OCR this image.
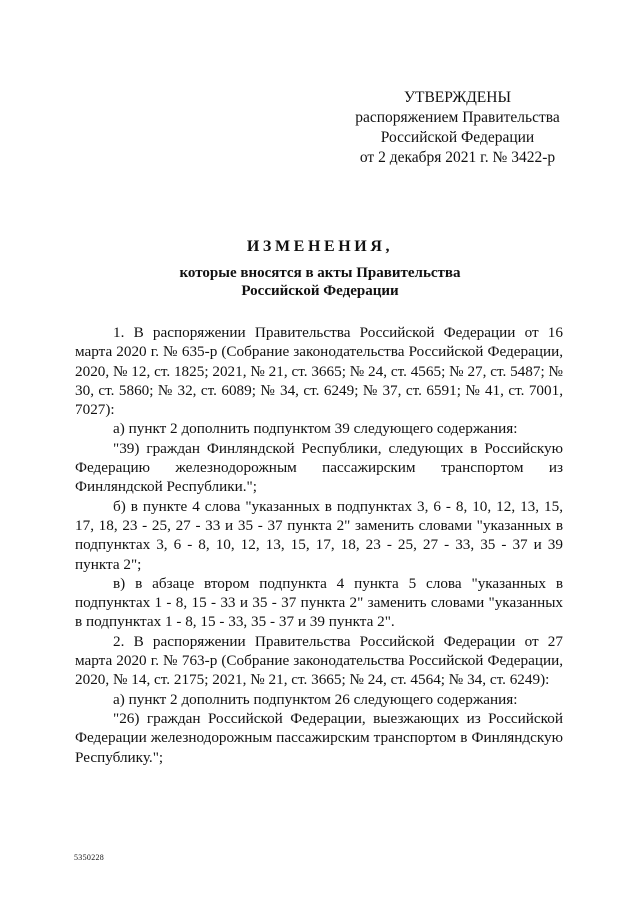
УТВЕРЖДЕНЫ
распоряжением Правительства
Российской Федерации
от 2 декабря 2021 г. № 3422-р
ИЗМЕНЕНИЯ,
которые вносятся в акты Правительства
Российской Федерации

1. В распоряжении Правительства Российской Федерации от 16 марта 2020 г. № 635-р (Собрание законодательства Российской Федерации, 2020, № 12, ст. 1825; 2021, № 21, ст. 3665; № 24, ст. 4565; № 27, ст. 5487; № 30, ст. 5860; № 32, ст. 6089; № 34, ст. 6249; № 37, ст. 6591; № 41, ст. 7001, 7027):

а) пункт 2 дополнить подпунктом 39 следующего содержания:

"39) граждан Финляндской Республики, следующих в Российскую Федерацию железнодорожным пассажирским транспортом из Финляндской Республики.";

б) в пункте 4 слова "указанных в подпунктах 3, 6 - 8, 10, 12, 13, 15, 17, 18, 23 - 25, 27 - 33 и 35 - 37 пункта 2" заменить словами "указанных в подпунктах 3, 6 - 8, 10, 12, 13, 15, 17, 18, 23 - 25, 27 - 33, 35 - 37 и 39 пункта 2";

в) в абзаце втором подпункта 4 пункта 5 слова "указанных в подпунктах 1 - 8, 15 - 33 и 35 - 37 пункта 2" заменить словами "указанных в подпунктах 1 - 8, 15 - 33, 35 - 37 и 39 пункта 2".

2. В распоряжении Правительства Российской Федерации от 27 марта 2020 г. № 763-р (Собрание законодательства Российской Федерации, 2020, № 14, ст. 2175; 2021, № 21, ст. 3665; № 24, ст. 4564; № 34, ст. 6249):

а) пункт 2 дополнить подпунктом 26 следующего содержания:

"26) граждан Российской Федерации, выезжающих из Российской Федерации железнодорожным пассажирским транспортом в Финляндскую Республику.";

5350228
